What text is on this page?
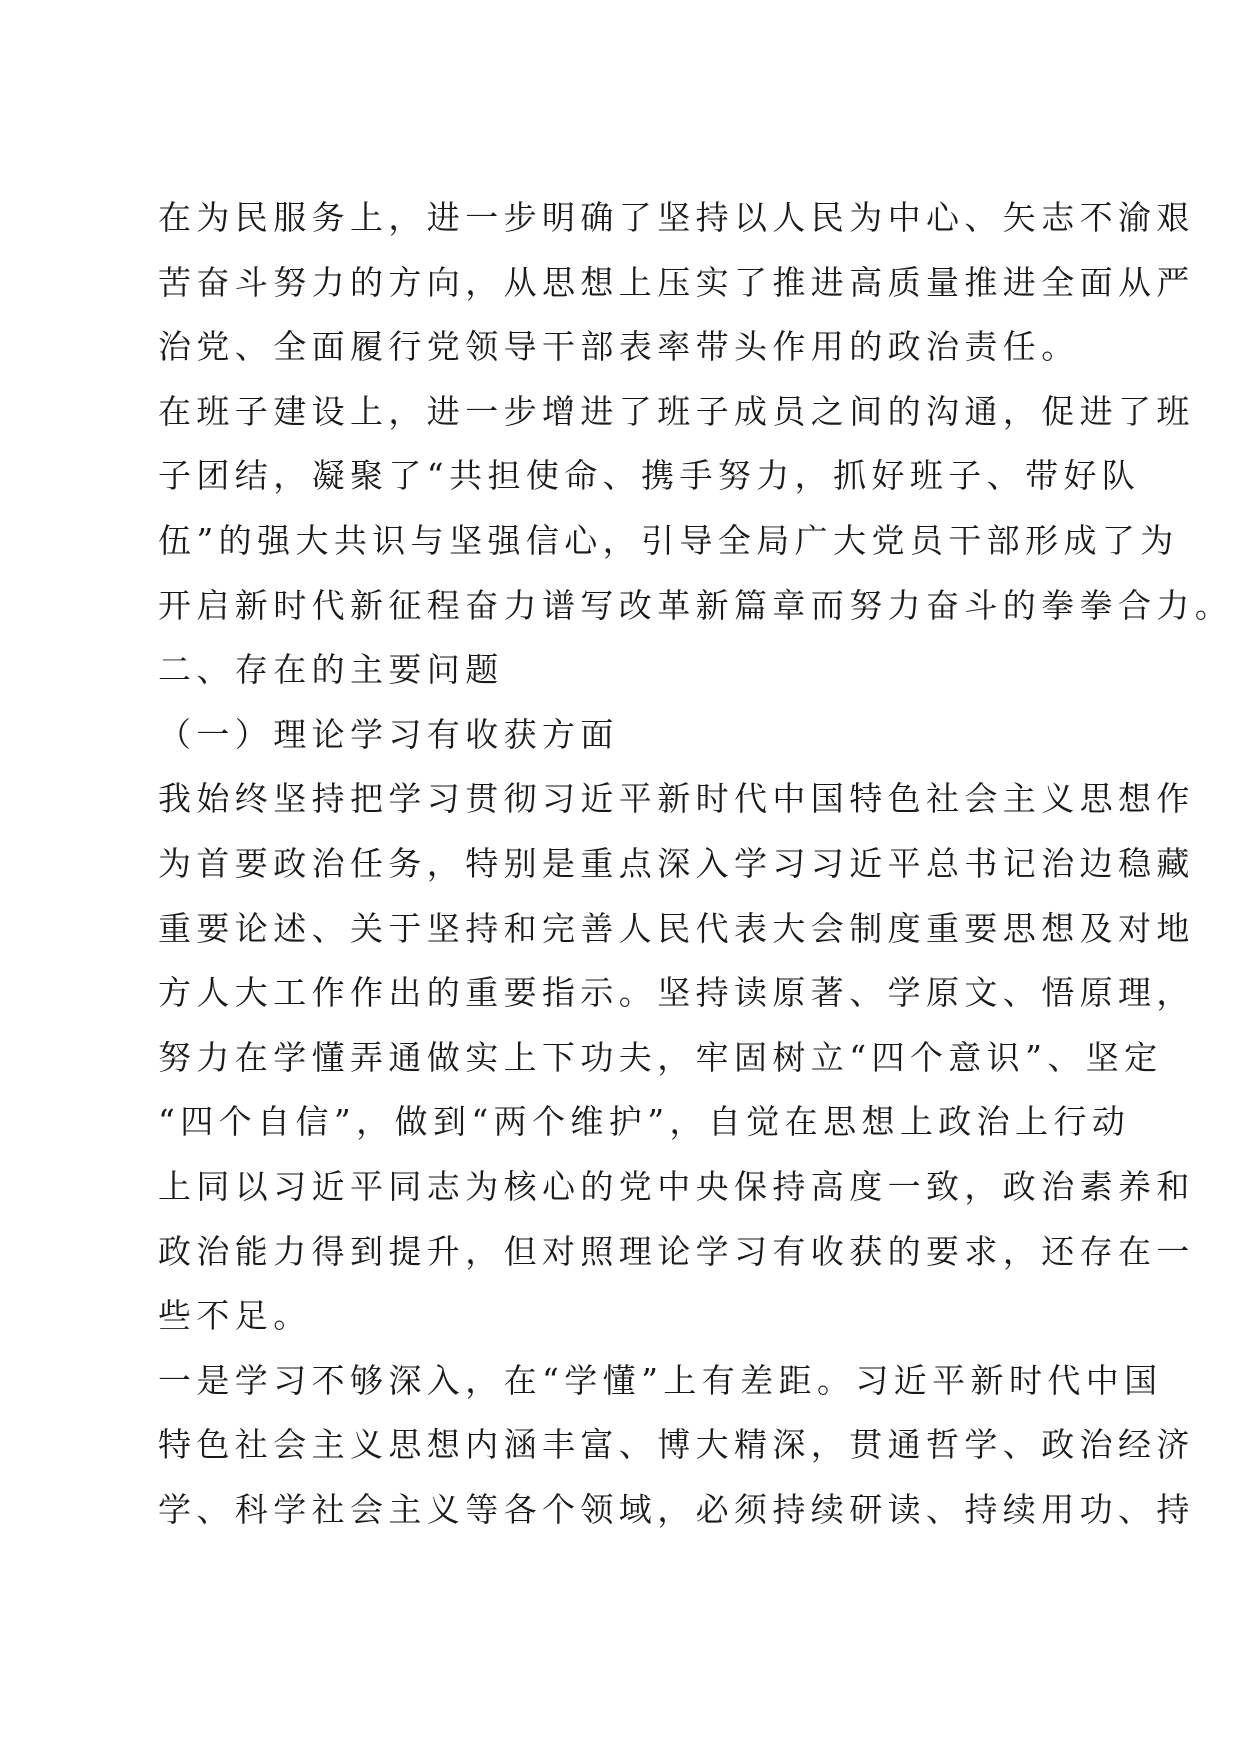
在为民服务上，进一步明确了坚持以人民为中心、矢志不渝艰
苦奋斗努力的方向，从思想上压实了推进高质量推进全面从严
治党、全面履行党领导干部表率带头作用的政治责任。
在班子建设上，进一步增进了班子成员之间的沟通，促进了班
子团结，凝聚了“共担使命、携手努力，抓好班子、带好队
伍”的强大共识与坚强信心，引导全局广大党员干部形成了为
开启新时代新征程奋力谱写改革新篇章而努力奋斗的拳拳合力。
二、存在的主要问题
（一）理论学习有收获方面
我始终坚持把学习贯彻习近平新时代中国特色社会主义思想作
为首要政治任务，特别是重点深入学习习近平总书记治边稳藏
重要论述、关于坚持和完善人民代表大会制度重要思想及对地
方人大工作作出的重要指示。坚持读原著、学原文、悟原理，
努力在学懂弄通做实上下功夫，牢固树立“四个意识”、坚定
“四个自信”，做到“两个维护”，自觉在思想上政治上行动
上同以习近平同志为核心的党中央保持高度一致，政治素养和
政治能力得到提升，但对照理论学习有收获的要求，还存在一
些不足。
一是学习不够深入，在“学懂”上有差距。习近平新时代中国
特色社会主义思想内涵丰富、博大精深，贯通哲学、政治经济
学、科学社会主义等各个领域，必须持续研读、持续用功、持
